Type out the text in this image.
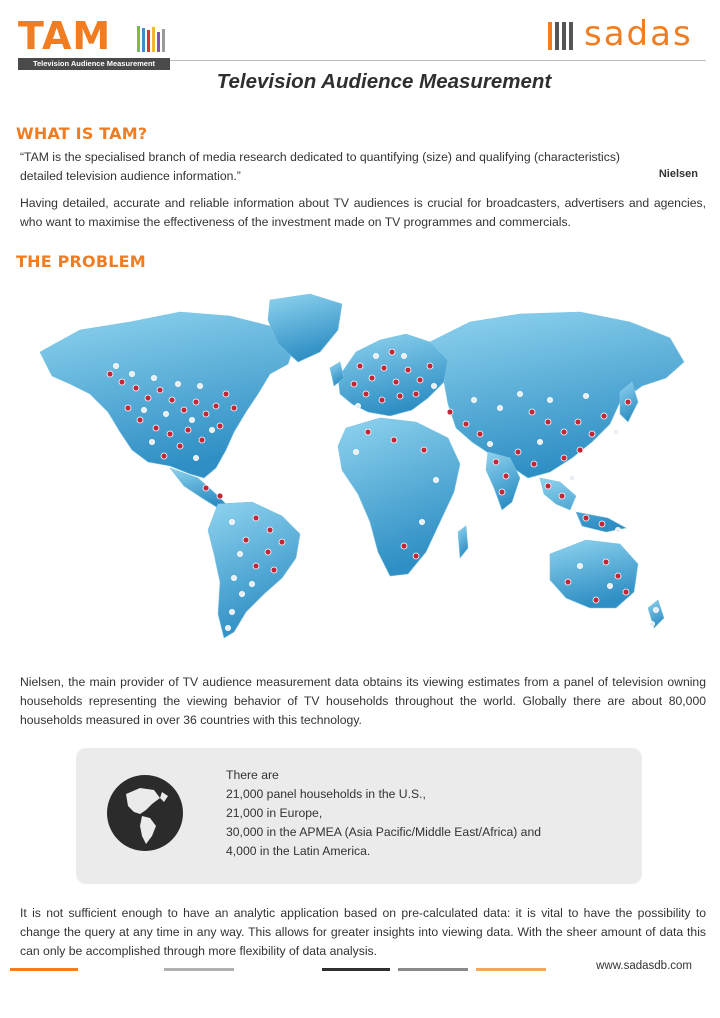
TAM
Television Audience Measurement
sadas
Television Audience Measurement
WHAT IS TAM?
“TAM is the specialised branch of media research dedicated to quantifying (size) and qualifying (characteristics) detailed television audience information.”	Nielsen
Having detailed, accurate and reliable information about TV audiences is crucial for broadcasters, advertisers and agencies, who want to maximise the effectiveness of the investment made on TV programmes and commercials.
THE PROBLEM
Nielsen, the main provider of TV audience measurement data obtains its viewing estimates from a panel of television owning households representing the viewing behavior of TV households throughout the world. Globally there are about 80,000 households measured in over 36 countries with this technology.
There are
21,000 panel households in the U.S.,
21,000 in Europe,
30,000 in the APMEA (Asia Pacific/Middle East/Africa) and
4,000 in the Latin America.
It is not sufficient enough to have an analytic application based on pre-calculated data: it is vital to have the possibility to change the query at any time in any way. This allows for greater insights into viewing data. With the sheer amount of data this can only be accomplished through more flexibility of data analysis.
www.sadasdb.com
